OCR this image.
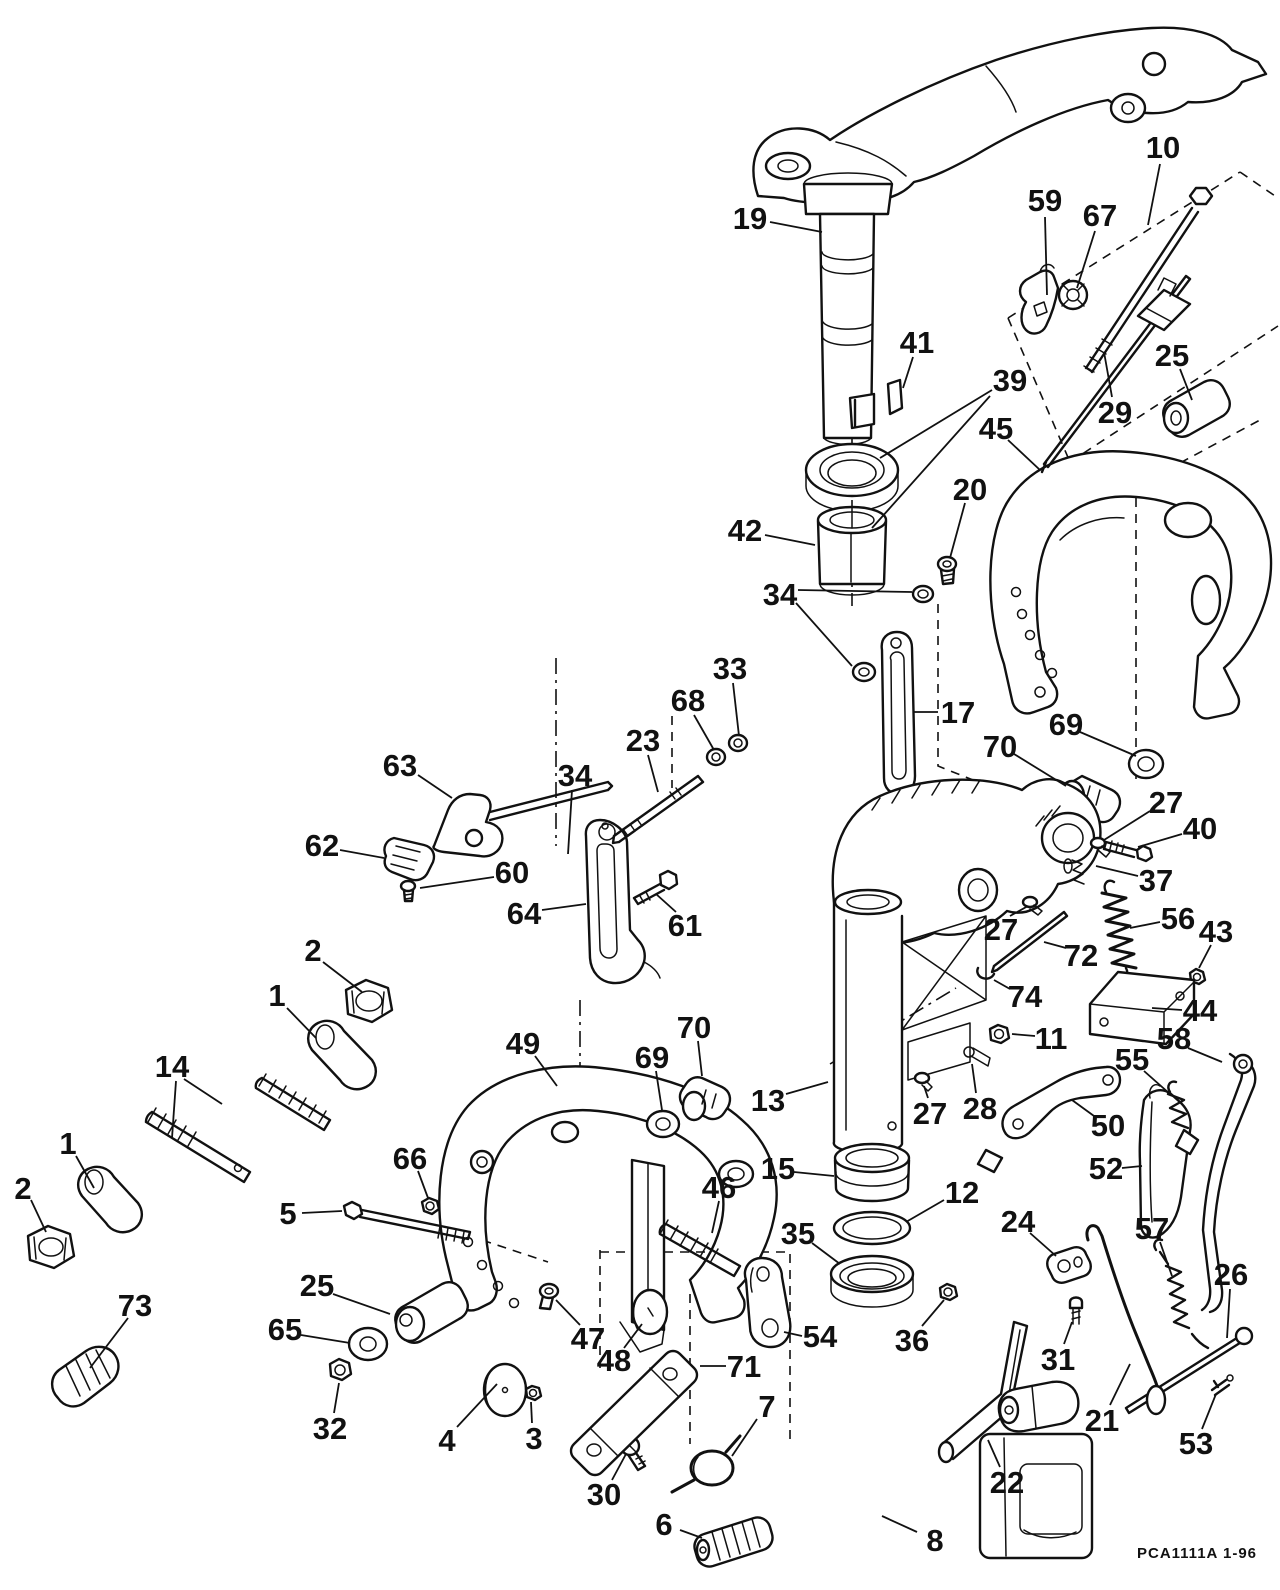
19
10
59 67
41
39
45	29
25
42
20
34
17 69
70
33
68
23
63	34
62
60
64	61
2
1
14
1
2
73
66
5
49	69
70
13
15
46
35
12
54
25
65
32
47
48	71
4 3
30
7
6	8
36
22
21
31
24	57
26
53
52
50
55
58
44
43
56
40
37
27
27
27
72
74
11
28
PCA1111A 1-96
